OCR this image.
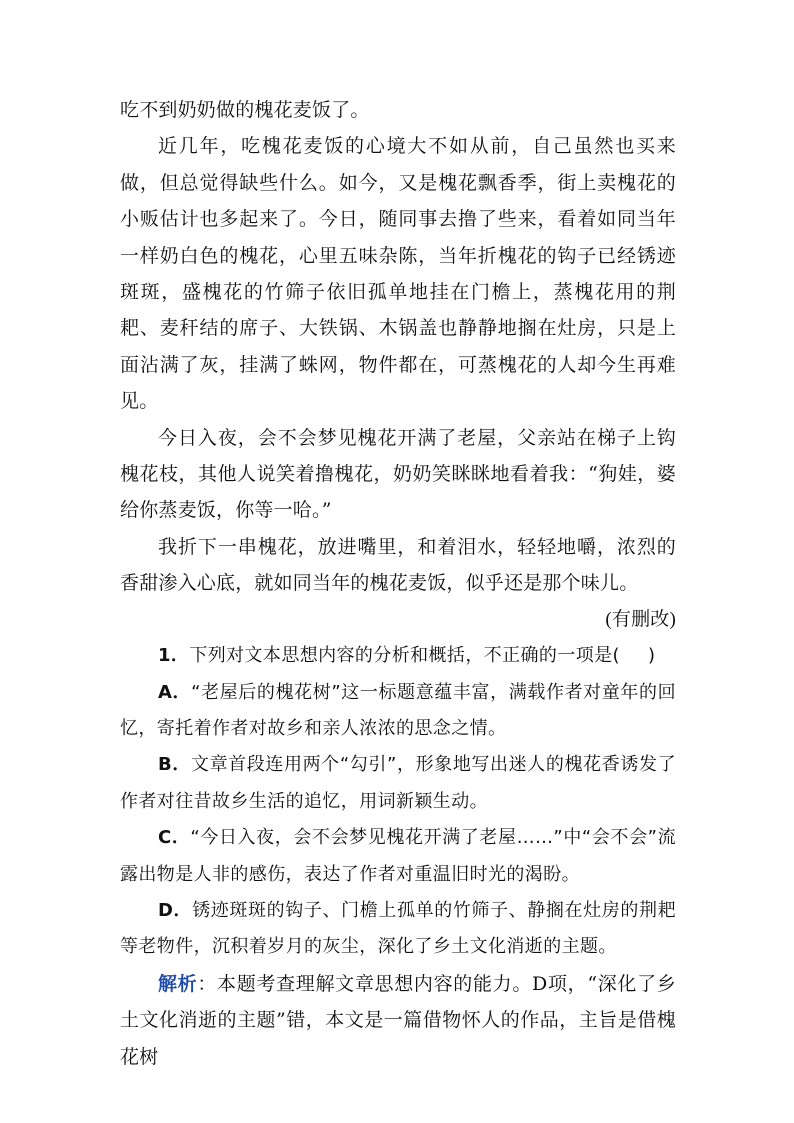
吃不到奶奶做的槐花麦饭了。

近几年，吃槐花麦饭的心境大不如从前，自己虽然也买来做，但总觉得缺些什么。如今，又是槐花飘香季，街上卖槐花的小贩估计也多起来了。今日，随同事去撸了些来，看着如同当年一样奶白色的槐花，心里五味杂陈，当年折槐花的钩子已经锈迹斑斑，盛槐花的竹筛子依旧孤单地挂在门檐上，蒸槐花用的荆耙、麦秆结的席子、大铁锅、木锅盖也静静地搁在灶房，只是上面沾满了灰，挂满了蛛网，物件都在，可蒸槐花的人却今生再难见。

今日入夜，会不会梦见槐花开满了老屋，父亲站在梯子上钩槐花枝，其他人说笑着撸槐花，奶奶笑眯眯地看着我：“狗娃，婆给你蒸麦饭，你等一哈。”

我折下一串槐花，放进嘴里，和着泪水，轻轻地嚼，浓烈的香甜渗入心底，就如同当年的槐花麦饭，似乎还是那个味儿。

(有删改)

1．下列对文本思想内容的分析和概括，不正确的一项是( )

A．“老屋后的槐花树”这一标题意蕴丰富，满载作者对童年的回忆，寄托着作者对故乡和亲人浓浓的思念之情。

B．文章首段连用两个“勾引”，形象地写出迷人的槐花香诱发了作者对往昔故乡生活的追忆，用词新颖生动。

C．“今日入夜，会不会梦见槐花开满了老屋……”中“会不会”流露出物是人非的感伤，表达了作者对重温旧时光的渴盼。

D．锈迹斑斑的钩子、门檐上孤单的竹筛子、静搁在灶房的荆耙等老物件，沉积着岁月的灰尘，深化了乡土文化消逝的主题。

解析：本题考查理解文章思想内容的能力。D项，“深化了乡土文化消逝的主题”错，本文是一篇借物怀人的作品，主旨是借槐花树
